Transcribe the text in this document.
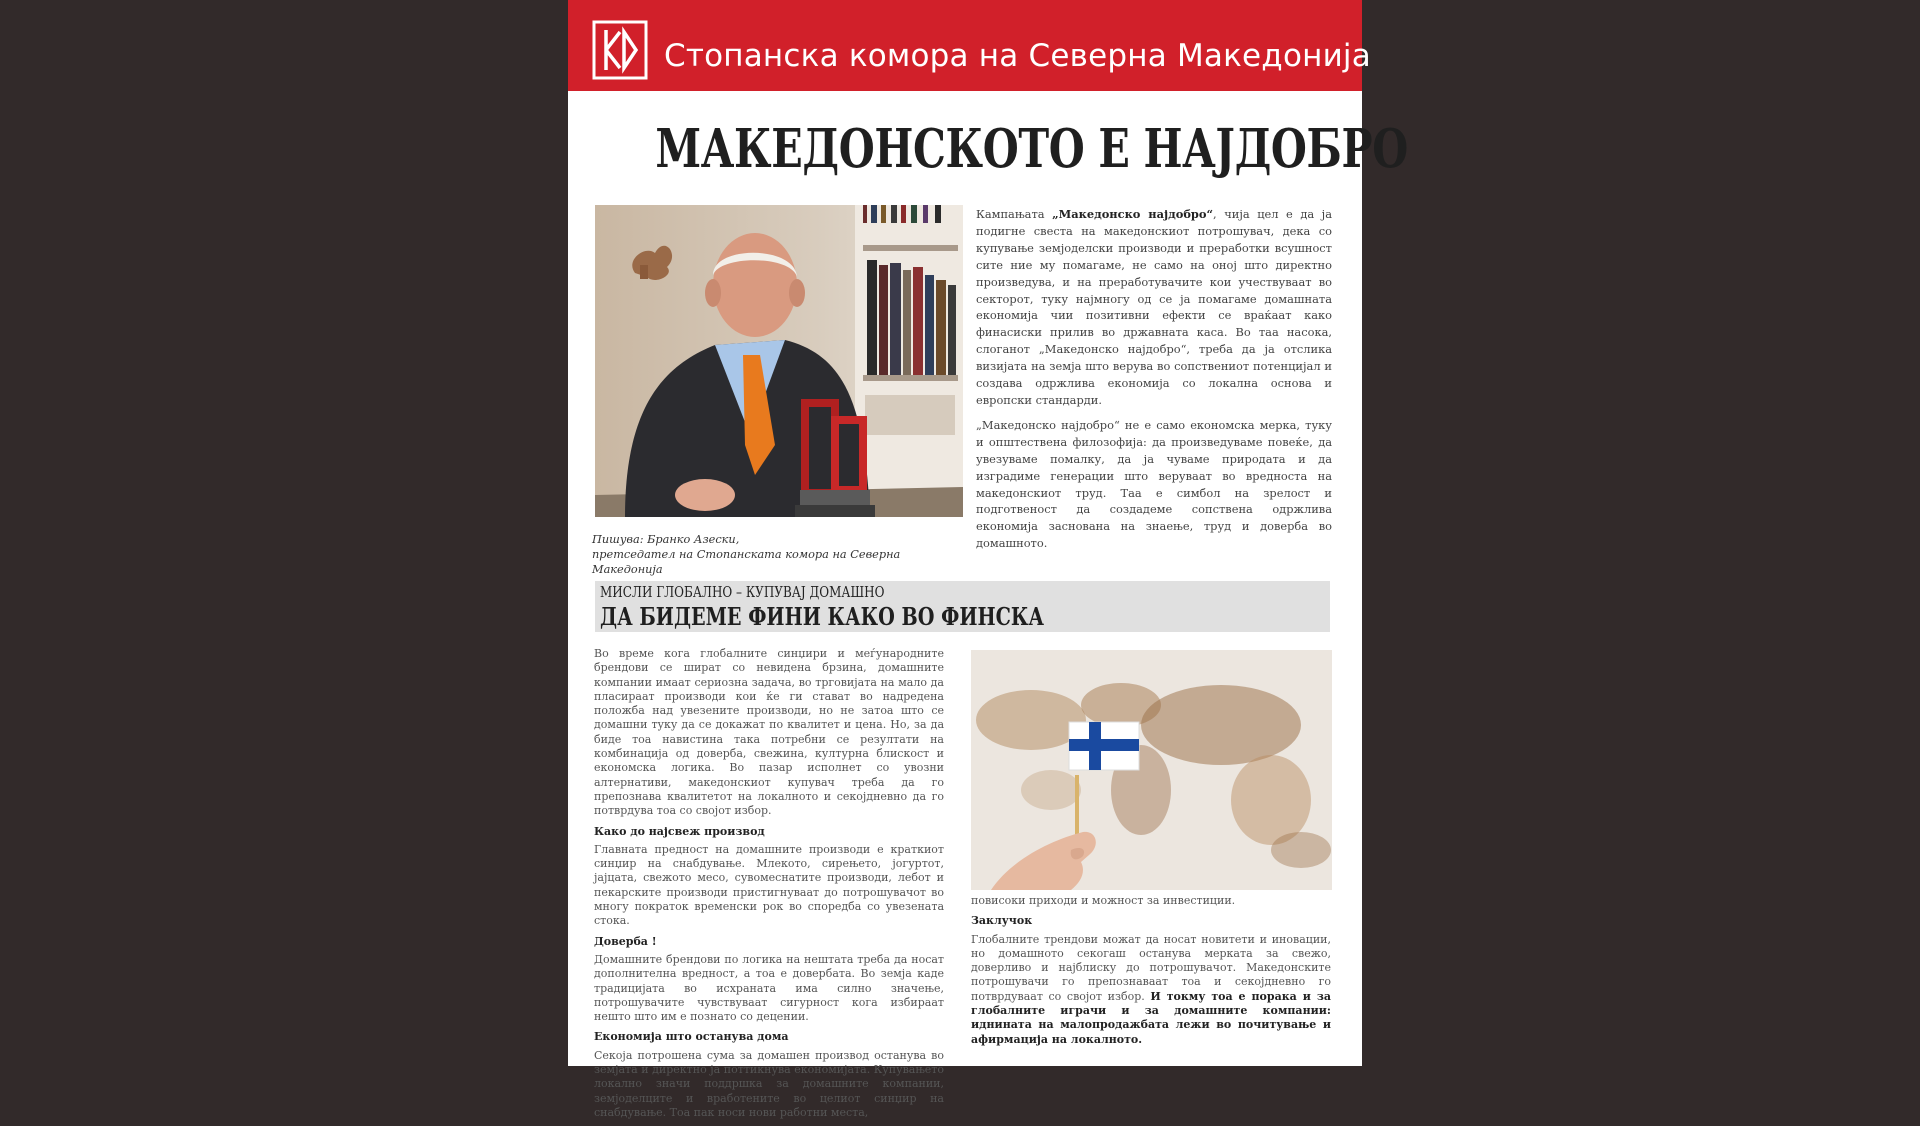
Стопанска комора на Северна Македонија
МАКЕДОНСКОТО Е НАЈДОБРО

Кампањата „Македонско најдобро“, чија цел е да ја подигне свеста на македонскиот потрошувач, дека со купување земјоделски производи и преработки всушност сите ние му помагаме, не само на оној што директно произведува, и на преработувачите кои учествуваат во секторот, туку најмногу од се ја помагаме домашната економија чии позитивни ефекти се враќаат како финасиски прилив во државната каса. Во таа насока, слоганот „Македонско најдобро“, треба да ја отслика визијата на земја што верува во сопствениот потенцијал и создава одржлива економија со локална основа и европски стандарди.

„Македонско најдобро“ не е само економска мерка, туку и општествена филозофија: да произведуваме повеќе, да увезуваме помалку, да ја чуваме природата и да изградиме генерации што веруваат во вредноста на македонскиот труд. Таа е симбол на зрелост и подготвеност да создадеме сопствена одржлива економија заснована на знаење, труд и доверба во домашното.

Пишува: Бранко Азески,
претседател на Стопанската комора на Северна Македонија
МИСЛИ ГЛОБАЛНО – КУПУВАЈ ДОМАШНО
ДА БИДЕМЕ ФИНИ КАКО ВО ФИНСКА

Во време кога глобалните синџири и меѓународните брендови се шират со невидена брзина, домашните компании имаат сериозна задача, во трговијата на мало да пласираат производи кои ќе ги стават во надредена положба над увезените производи, но не затоа што се домашни туку да се докажат по квалитет и цена. Но, за да биде тоа навистина така потребни се резултати на комбинација од доверба, свежина, културна блискост и економска логика. Во пазар исполнет со увозни алтернативи, македонскиот купувач треба да го препознава квалитетот на локалното и секојдневно да го потврдува тоа со својот избор.

Како до најсвеж производ

Главната предност на домашните производи е краткиот синџир на снабдување. Млекото, сирењето, јогуртот, јајцата, свежото месо, сувомеснатите производи, лебот и пекарските производи пристигнуваат до потрошувачот во многу пократок временски рок во споредба со увезената стока.

Доверба !

Домашните брендови по логика на нештата треба да носат дополнителна вредност, а тоа е довербата. Во земја каде традицијата во исхраната има силно значење, потрошувачите чувствуваат сигурност кога избираат нешто што им е познато со децении.

Економија што останува дома

Секоја потрошена сума за домашен производ останува во земјата и директно ја поттикнува економијата. Купувањето локално значи поддршка за домашните компании, земјоделците и вработените во целиот синџир на снабдување. Тоа пак носи нови работни места,

повисоки приходи и можност за инвестиции.

Заклучок

Глобалните трендови можат да носат новитети и иновации, но домашното секогаш останува мерката за свежо, доверливо и најблиску до потрошувачот. Македонските потрошувачи го препознаваат тоа и секојдневно го потврдуваат со својот избор. И токму тоа е порака и за глобалните играчи и за домашните компании: иднината на малопродажбата лежи во почитување и афирмација на локалното.
